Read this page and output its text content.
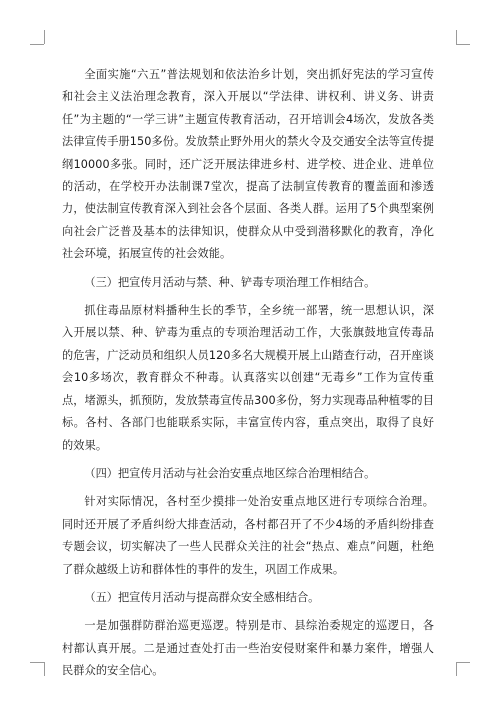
全面实施“六五”普法规划和依法治乡计划，突出抓好宪法的学习宣传和社会主义法治理念教育，深入开展以“学法律、讲权利、讲义务、讲责任”为主题的“一学三讲”主题宣传教育活动，召开培训会4场次，发放各类法律宣传手册150多份。发放禁止野外用火的禁火令及交通安全法等宣传提纲10000多张。同时，还广泛开展法律进乡村、进学校、进企业、进单位的活动，在学校开办法制课7堂次，提高了法制宣传教育的覆盖面和渗透力，使法制宣传教育深入到社会各个层面、各类人群。运用了5个典型案例向社会广泛普及基本的法律知识，使群众从中受到潜移默化的教育，净化社会环境，拓展宣传的社会效能。

（三）把宣传月活动与禁、种、铲毒专项治理工作相结合。

抓住毒品原材料播种生长的季节，全乡统一部署，统一思想认识，深入开展以禁、种、铲毒为重点的专项治理活动工作，大张旗鼓地宣传毒品的危害，广泛动员和组织人员120多名大规模开展上山踏查行动，召开座谈会10多场次，教育群众不种毒。认真落实以创建“无毒乡”工作为宣传重点，堵源头，抓预防，发放禁毒宣传品300多份，努力实现毒品种植零的目标。各村、各部门也能联系实际，丰富宣传内容，重点突出，取得了良好的效果。

（四）把宣传月活动与社会治安重点地区综合治理相结合。

针对实际情况，各村至少摸排一处治安重点地区进行专项综合治理。同时还开展了矛盾纠纷大排查活动，各村都召开了不少4场的矛盾纠纷排查专题会议，切实解决了一些人民群众关注的社会“热点、难点”问题，杜绝了群众越级上访和群体性的事件的发生，巩固工作成果。

（五）把宣传月活动与提高群众安全感相结合。

一是加强群防群治巡更巡逻。特别是市、县综治委规定的巡逻日，各村都认真开展。二是通过查处打击一些治安侵财案件和暴力案件，增强人民群众的安全信心。
